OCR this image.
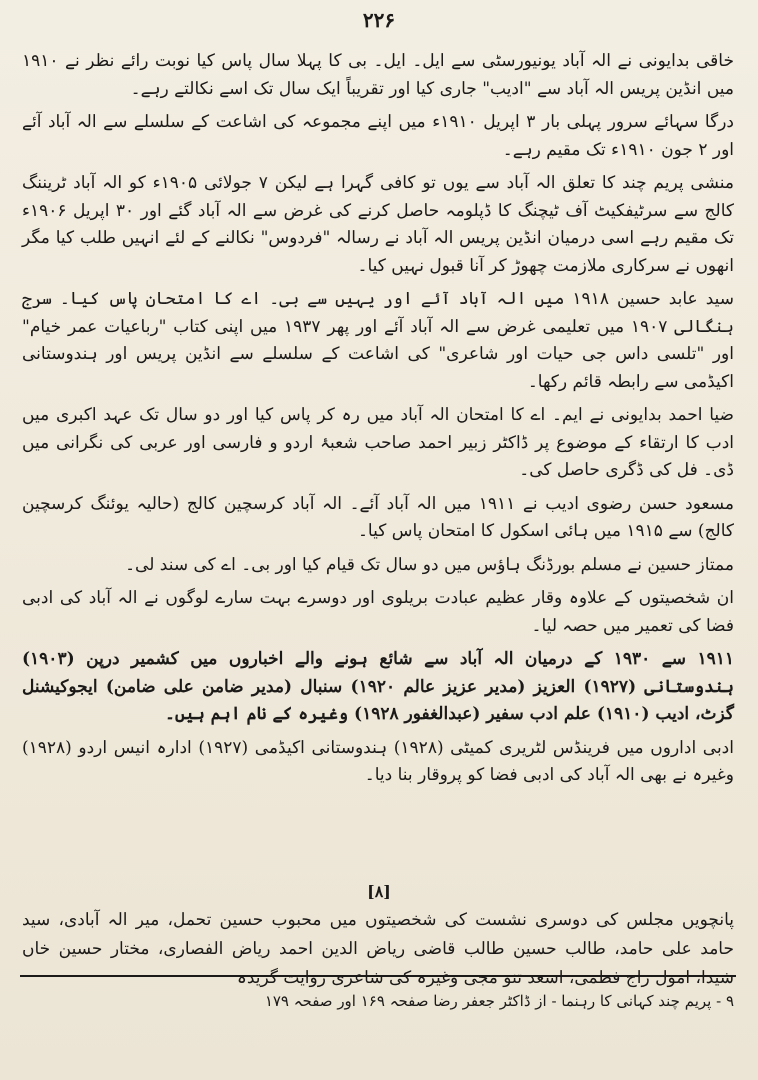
۲۲۶

خاقی بدایونی نے الہ آباد یونیورسٹی سے ایل۔ ایل۔ بی کا پہلا سال پاس کیا نوبت رائے نظر نے ۱۹۱۰ میں انڈین پریس الہ آباد سے "ادیب" جاری کیا اور تقریباً ایک سال تک اسے نکالتے رہے۔

درگا سہائے سرور پہلی بار ۳ اپریل ۱۹۱۰ء میں اپنے مجموعہ کی اشاعت کے سلسلے سے الہ آباد آئے اور ۲ جون ۱۹۱۰ء تک مقیم رہے۔

منشی پریم چند کا تعلق الہ آباد سے یوں تو کافی گہرا ہے لیکن ۷ جولائی ۱۹۰۵ء کو الہ آباد ٹریننگ کالج سے سرٹیفکیٹ آف ٹیچنگ کا ڈپلومہ حاصل کرنے کی غرض سے الہ آباد گئے اور ۳۰ اپریل ۱۹۰۶ء تک مقیم رہے اسی درمیان انڈین پریس الہ آباد نے رسالہ "فردوس" نکالنے کے لئے انہیں طلب کیا مگر انھوں نے سرکاری ملازمت چھوڑ کر آنا قبول نہیں کیا۔

سید عابد حسین ۱۹۱۸ میں الہ آباد آئے اور یہیں سے بی۔ اے کا امتحان پاس کیا۔ سرج ہنگالی ۱۹۰۷ میں تعلیمی غرض سے الہ آباد آئے اور پھر ۱۹۳۷ میں اپنی کتاب "رباعیات عمر خیام" اور "تلسی داس جی حیات اور شاعری" کی اشاعت کے سلسلے سے انڈین پریس اور ہندوستانی اکیڈمی سے رابطہ قائم رکھا۔

ضیا احمد بدایونی نے ایم۔ اے کا امتحان الہ آباد میں رہ کر پاس کیا اور دو سال تک عہد اکبری میں ادب کا ارتقاء کے موضوع پر ڈاکٹر زبیر احمد صاحب شعبۂ اردو و فارسی اور عربی کی نگرانی میں ڈی۔ فل کی ڈگری حاصل کی۔

مسعود حسن رضوی ادیب نے ۱۹۱۱ میں الہ آباد آئے۔ الہ آباد کرسچین کالج (حالیہ یوئنگ کرسچین کالج) سے ۱۹۱۵ میں ہائی اسکول کا امتحان پاس کیا۔

ممتاز حسین نے مسلم بورڈنگ ہاؤس میں دو سال تک قیام کیا اور بی۔ اے کی سند لی۔

ان شخصیتوں کے علاوہ وقار عظیم عبادت بریلوی اور دوسرے بہت سارے لوگوں نے الہ آباد کی ادبی فضا کی تعمیر میں حصہ لیا۔

۱۹۱۱ سے ۱۹۳۰ کے درمیان الہ آباد سے شائع ہونے والے اخباروں میں کشمیر درپن (۱۹۰۳) ہندوستانی (۱۹۲۷) العزیز (مدیر عزیز عالم ۱۹۲۰) سنبال (مدیر ضامن علی ضامن) ایجوکیشنل گزٹ، ادیب (۱۹۱۰) علم ادب سفیر (عبدالغفور ۱۹۲۸) وغیرہ کے نام اہم ہیں۔

ادبی اداروں میں فرینڈس لٹریری کمیٹی (۱۹۲۸) ہندوستانی اکیڈمی (۱۹۲۷) ادارہ انیس اردو (۱۹۲۸) وغیرہ نے بھی الہ آباد کی ادبی فضا کو پروقار بنا دیا۔

[۸]
پانچویں مجلس کی دوسری نشست کی شخصیتوں میں محبوب حسین تحمل، میر الہ آبادی، سید حامد علی حامد، طالب حسین طالب قاضی ریاض الدین احمد ریاض الفصاری، مختار حسین خاں شیدا، امول راج فطمی، اسعد تنو مجی وغیرہ کی شاعری روایت گزیدہ
۹ - پریم چند کہانی کا رہنما - از ڈاکٹر جعفر رضا صفحہ ۱۶۹ اور صفحہ ۱۷۹
